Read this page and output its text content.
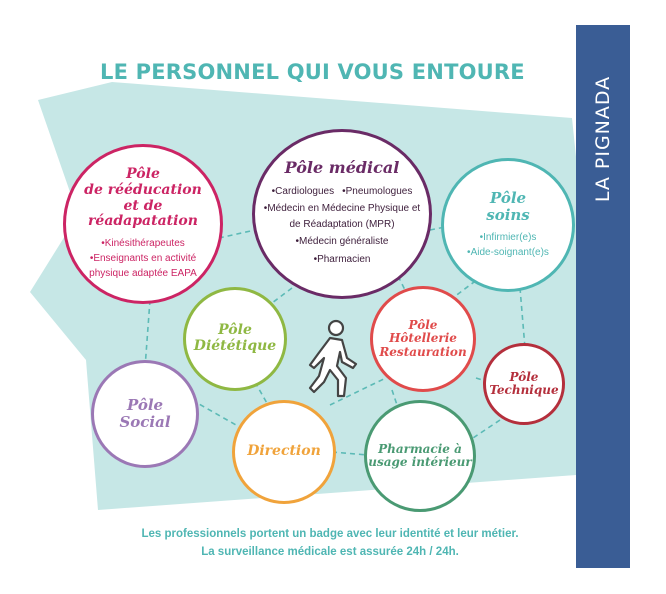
LE PERSONNEL QUI VOUS ENTOURE
LA PIGNADA
Pôle
de rééducation
et de réadapatation
• Kinésithérapeutes
• Enseignants en activité physique adaptée EAPA
Pôle médical
• Cardiologues• Pneumologues
• Médecin en Médecine Physique et de Réadaptation (MPR)
• Médecin généraliste
• Pharmacien
Pôle
soins
• Infirmier(e)s
• Aide-soignant(e)s
Pôle
Diététique
Pôle
Hôtellerie
Restauration
Pôle
Technique
Pôle
Social
Direction	Pharmacie à
usage intérieur
Les professionnels portent un badge avec leur identité et leur métier.
La surveillance médicale est assurée 24h / 24h.
